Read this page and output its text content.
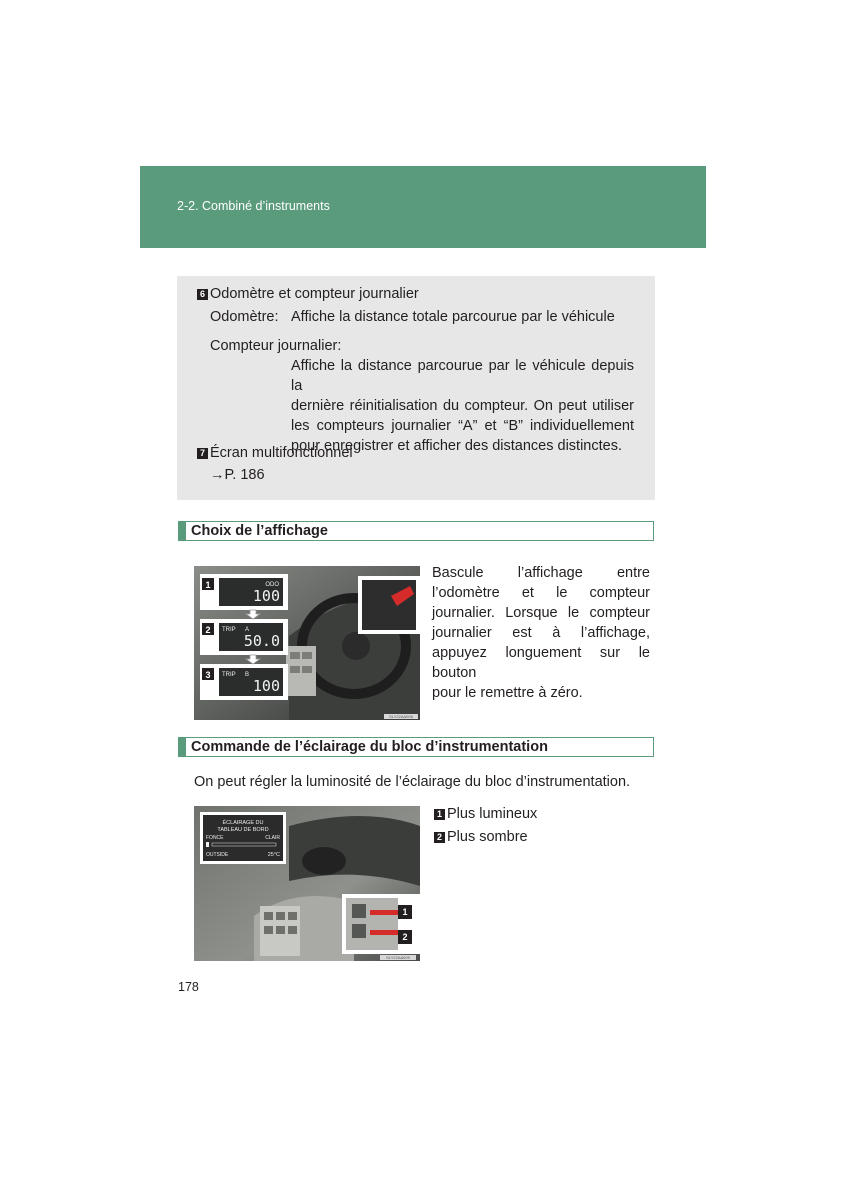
2-2. Combiné d’instruments
6 Odomètre et compteur journalier
Odomètre: Affiche la distance totale parcourue par le véhicule
Compteur journalier:
Affiche la distance parcourue par le véhicule depuis la
dernière réinitialisation du compteur. On peut utiliser
les compteurs journalier “A” et “B” individuellement
pour enregistrer et afficher des distances distinctes.
7 Écran multifonctionnel
→P. 186
Choix de l’affichage
1
2
3
ODO
TRIP A
TRIP B
100
50.0
100
SLY22AA008
Bascule l’affichage entre
l’odomètre et le compteur
journalier. Lorsque le compteur
journalier est à l’affichage,
appuyez longuement sur le bouton
pour le remettre à zéro.
Commande de l’éclairage du bloc d’instrumentation
On peut régler la luminosité de l’éclairage du bloc d’instrumentation.
ÉCLAIRAGE DU
TABLEAU DE BORD
FONCE	CLAIR
OUTSIDE	25°C
1
2
SLY22AA009
1 Plus lumineux
2 Plus sombre
178
